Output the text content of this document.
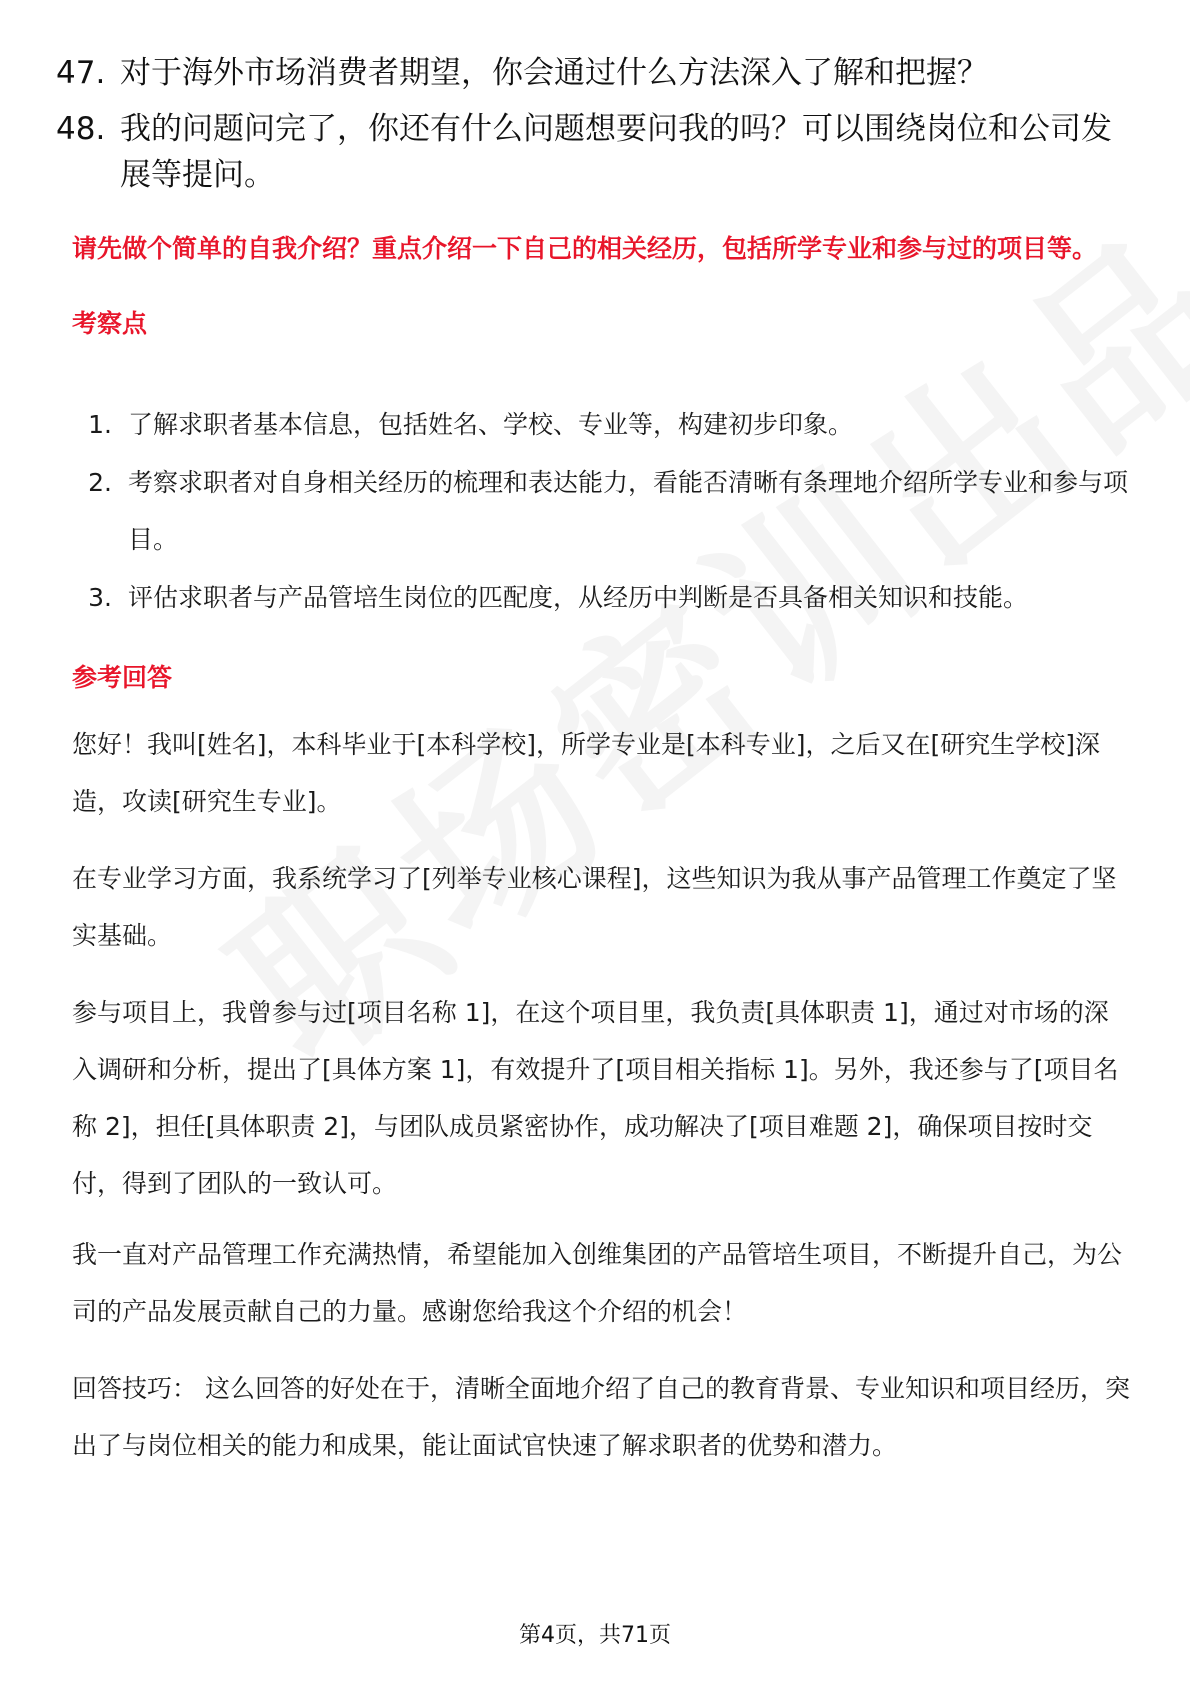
47. 对于海外市场消费者期望，你会通过什么方法深入了解和把握？
48. 我的问题问完了，你还有什么问题想要问我的吗？可以围绕岗位和公司发展等提问。

请先做个简单的自我介绍？重点介绍一下自己的相关经历，包括所学专业和参与过的项目等。

考察点

1. 了解求职者基本信息，包括姓名、学校、专业等，构建初步印象。
2. 考察求职者对自身相关经历的梳理和表达能力，看能否清晰有条理地介绍所学专业和参与项目。
3. 评估求职者与产品管培生岗位的匹配度，从经历中判断是否具备相关知识和技能。

参考回答

您好！我叫[姓名]，本科毕业于[本科学校]，所学专业是[本科专业]，之后又在[研究生学校]深造，攻读[研究生专业]。

在专业学习方面，我系统学习了[列举专业核心课程]，这些知识为我从事产品管理工作奠定了坚实基础。

参与项目上，我曾参与过[项目名称 1]，在这个项目里，我负责[具体职责 1]，通过对市场的深入调研和分析，提出了[具体方案 1]，有效提升了[项目相关指标 1]。另外，我还参与了[项目名称 2]，担任[具体职责 2]，与团队成员紧密协作，成功解决了[项目难题 2]，确保项目按时交付，得到了团队的一致认可。

我一直对产品管理工作充满热情，希望能加入创维集团的产品管培生项目，不断提升自己，为公司的产品发展贡献自己的力量。感谢您给我这个介绍的机会！

回答技巧： 这么回答的好处在于，清晰全面地介绍了自己的教育背景、专业知识和项目经历，突出了与岗位相关的能力和成果，能让面试官快速了解求职者的优势和潜力。

第4页，共71页
